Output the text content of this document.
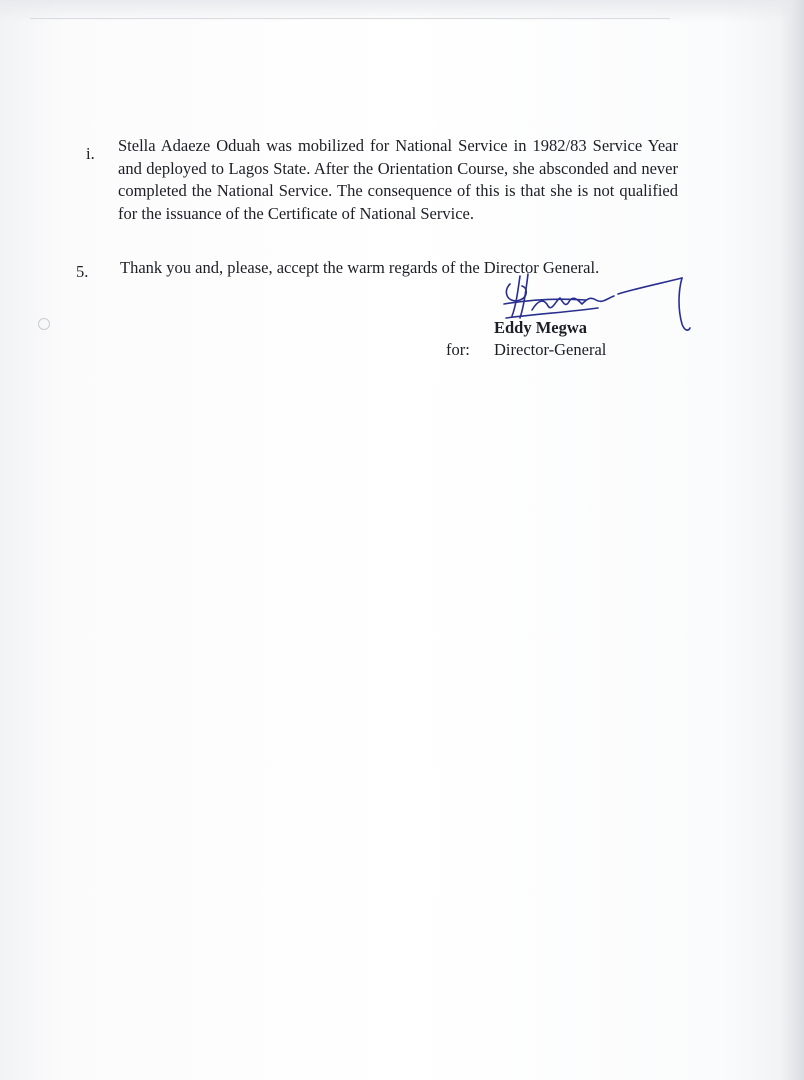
i. Stella Adaeze Oduah was mobilized for National Service in 1982/83 Service Year and deployed to Lagos State. After the Orientation Course, she absconded and never completed the National Service. The consequence of this is that she is not qualified for the issuance of the Certificate of National Service.
5. Thank you and, please, accept the warm regards of the Director General.
Eddy Megwa
for: Director-General
